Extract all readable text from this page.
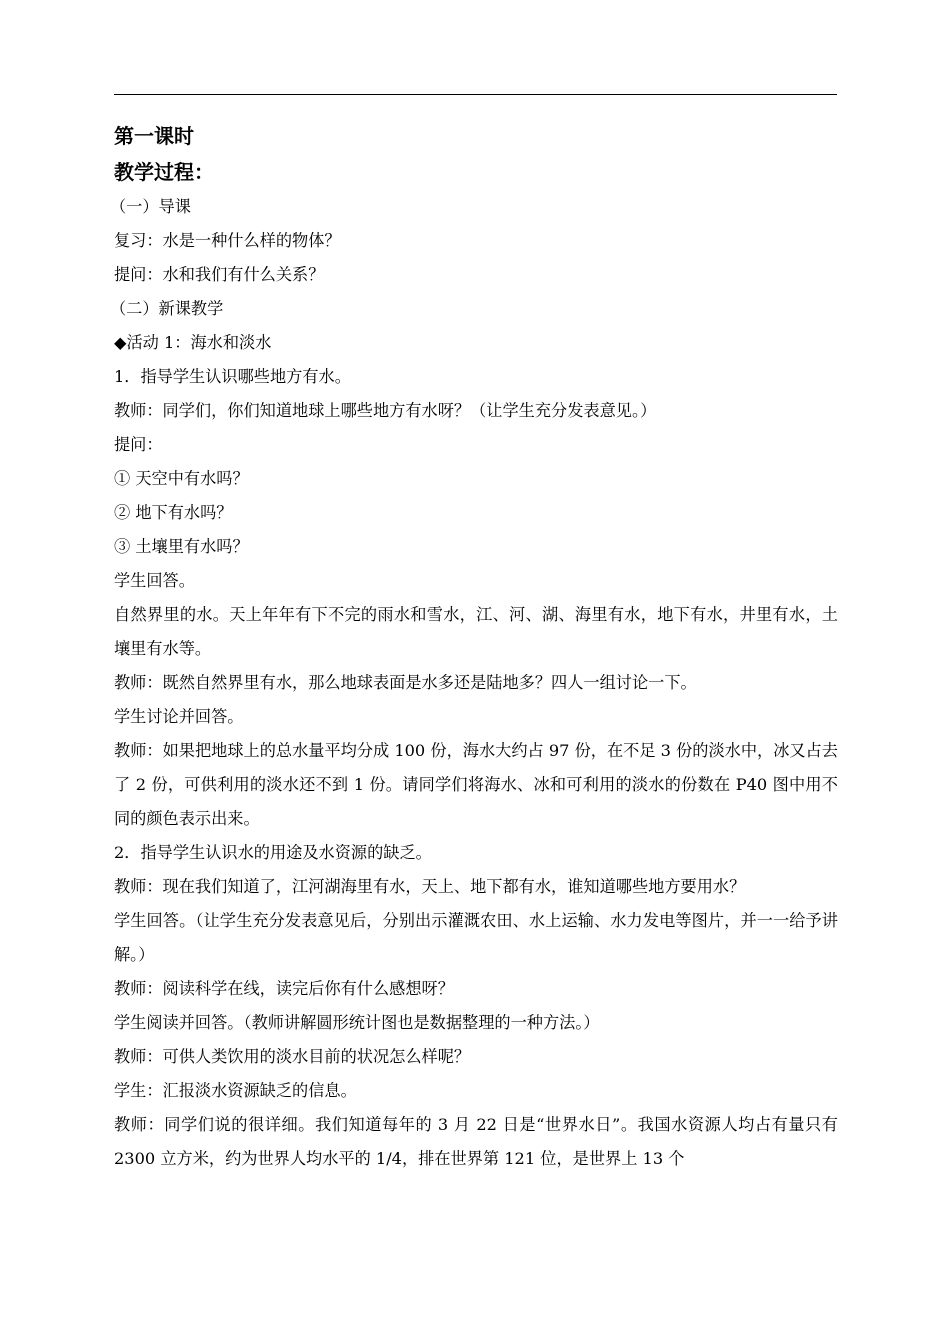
第一课时
教学过程：

（一）导课

复习：水是一种什么样的物体？

提问：水和我们有什么关系？

（二）新课教学

◆活动 1：海水和淡水

1．指导学生认识哪些地方有水。

教师：同学们，你们知道地球上哪些地方有水呀？（让学生充分发表意见。）

提问：

① 天空中有水吗？

② 地下有水吗？

③ 土壤里有水吗？

学生回答。

自然界里的水。天上年年有下不完的雨水和雪水，江、河、湖、海里有水，地下有水，井里有水，土壤里有水等。

教师：既然自然界里有水，那么地球表面是水多还是陆地多？四人一组讨论一下。

学生讨论并回答。

教师：如果把地球上的总水量平均分成 100 份，海水大约占 97 份，在不足 3 份的淡水中，冰又占去了 2 份，可供利用的淡水还不到 1 份。请同学们将海水、冰和可利用的淡水的份数在 P40 图中用不同的颜色表示出来。

2．指导学生认识水的用途及水资源的缺乏。

教师：现在我们知道了，江河湖海里有水，天上、地下都有水，谁知道哪些地方要用水？

学生回答。（让学生充分发表意见后，分别出示灌溉农田、水上运输、水力发电等图片，并一一给予讲解。）

教师：阅读科学在线，读完后你有什么感想呀？

学生阅读并回答。（教师讲解圆形统计图也是数据整理的一种方法。）

教师：可供人类饮用的淡水目前的状况怎么样呢？

学生：汇报淡水资源缺乏的信息。

教师：同学们说的很详细。我们知道每年的 3 月 22 日是“世界水日”。我国水资源人均占有量只有 2300 立方米，约为世界人均水平的 1/4，排在世界第 121 位，是世界上 13 个
